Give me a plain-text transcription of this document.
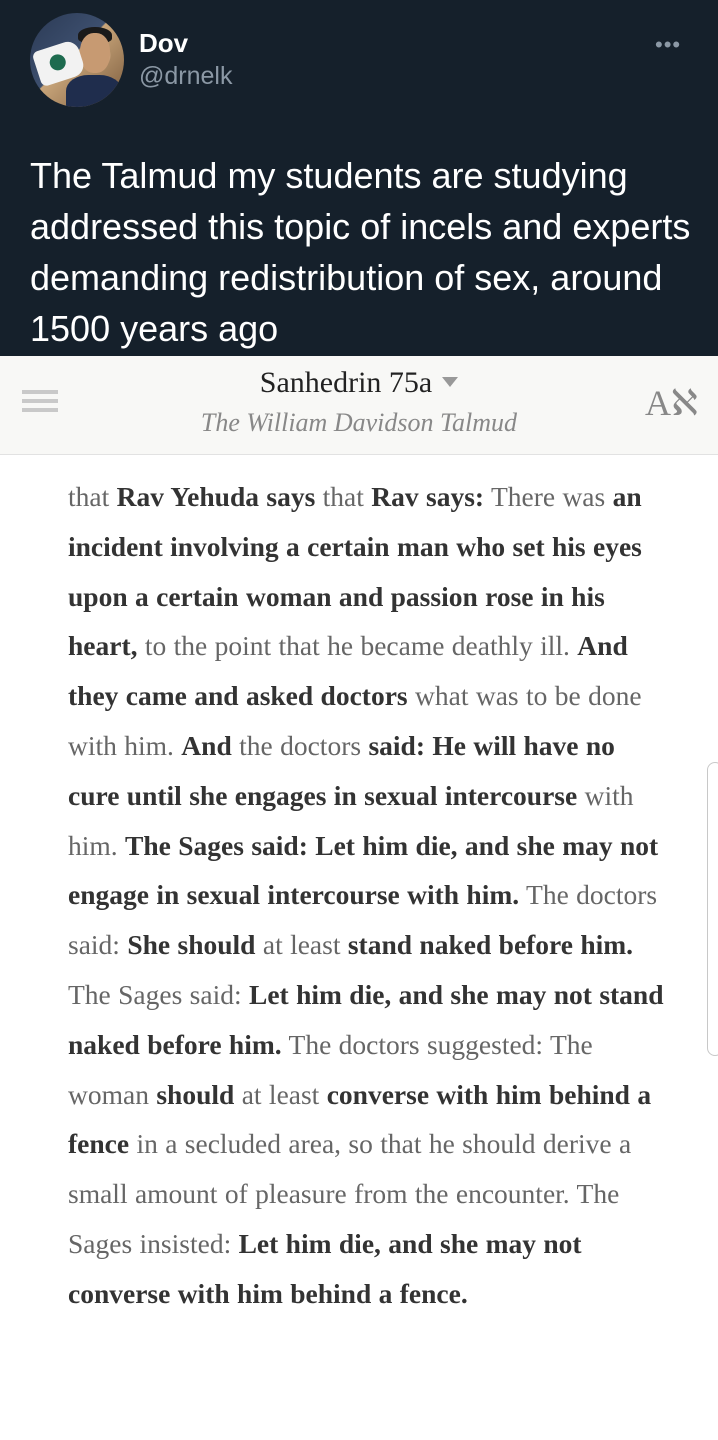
Dov
@drnelk
•••

The Talmud my students are studying addressed this topic of incels and experts demanding redistribution of sex, around 1500 years ago

Sanhedrin 75a
The William Davidson Talmud	Aℵ

that Rav Yehuda says that Rav says: There was an incident involving a certain man who set his eyes upon a certain woman and passion rose in his heart, to the point that he became deathly ill. And they came and asked doctors what was to be done with him. And the doctors said: He will have no cure until she engages in sexual intercourse with him. The Sages said: Let him die, and she may not engage in sexual intercourse with him. The doctors said: She should at least stand naked before him. The Sages said: Let him die, and she may not stand naked before him. The doctors suggested: The woman should at least converse with him behind a fence in a secluded area, so that he should derive a small amount of pleasure from the encounter. The Sages insisted: Let him die, and she may not converse with him behind a fence.
